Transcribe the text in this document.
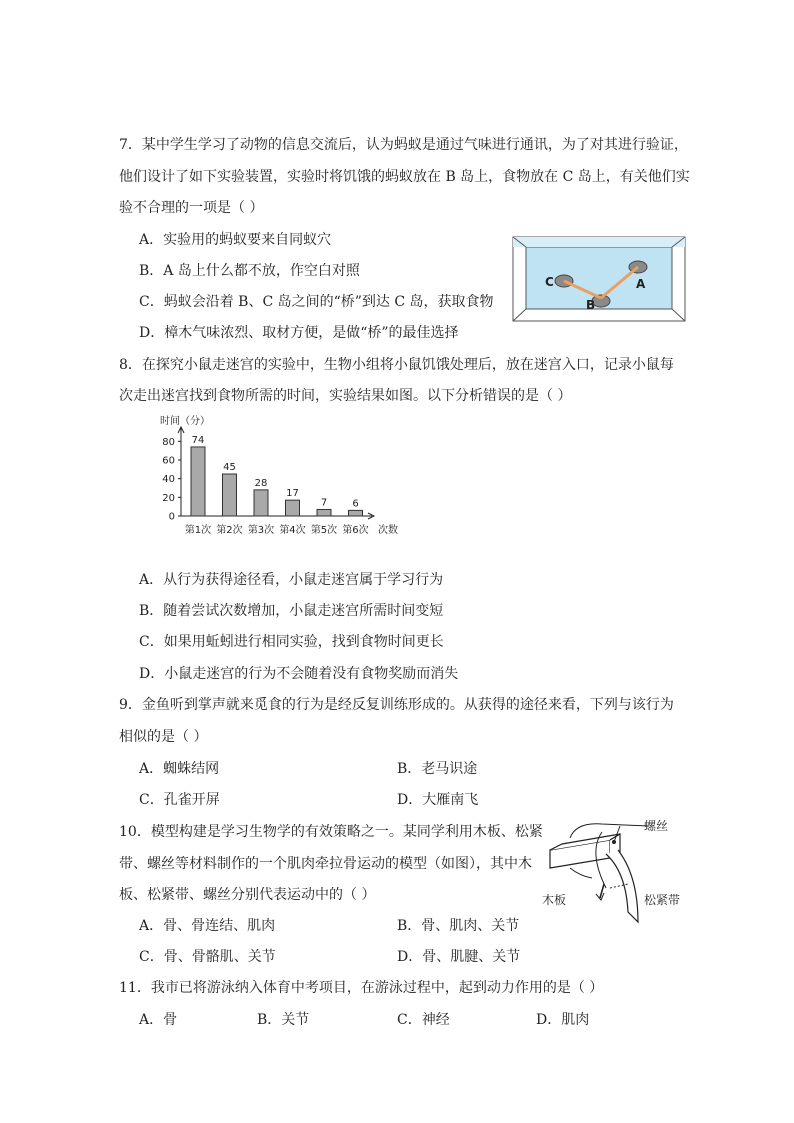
7．某中学生学习了动物的信息交流后，认为蚂蚁是通过气味进行通讯，为了对其进行验证，
他们设计了如下实验装置，实验时将饥饿的蚂蚁放在 B 岛上，食物放在 C 岛上，有关他们实
验不合理的一项是（ ）
A．实验用的蚂蚁要来自同蚁穴
B．A 岛上什么都不放，作空白对照
C．蚂蚁会沿着 B、C 岛之间的“桥”到达 C 岛，获取食物
D．樟木气味浓烈、取材方便，是做“桥”的最佳选择
C
B
A
8．在探究小鼠走迷宫的实验中，生物小组将小鼠饥饿处理后，放在迷宫入口，记录小鼠每
次走出迷宫找到食物所需的时间，实验结果如图。以下分析错误的是（ ）
时间（分）
次数
0
20
40
60
80 74
第1次
45
第2次
28
第3次
17
第4次
7
第5次
6
第6次
A．从行为获得途径看，小鼠走迷宫属于学习行为
B．随着尝试次数增加，小鼠走迷宫所需时间变短
C．如果用蚯蚓进行相同实验，找到食物时间更长
D．小鼠走迷宫的行为不会随着没有食物奖励而消失
9．金鱼听到掌声就来觅食的行为是经反复训练形成的。从获得的途径来看，下列与该行为
相似的是（ ）
A．蜘蛛结网	B．老马识途
C．孔雀开屏	D．大雁南飞
10．模型构建是学习生物学的有效策略之一。某同学利用木板、松紧
带、螺丝等材料制作的一个肌肉牵拉骨运动的模型（如图），其中木
板、松紧带、螺丝分别代表运动中的（ ）
A．骨、骨连结、肌肉	B．骨、肌肉、关节
C．骨、骨骼肌、关节	D．骨、肌腱、关节
螺丝
木板	松紧带
11．我市已将游泳纳入体育中考项目，在游泳过程中，起到动力作用的是（ ）
A．骨	B．关节	C．神经	D．肌肉
